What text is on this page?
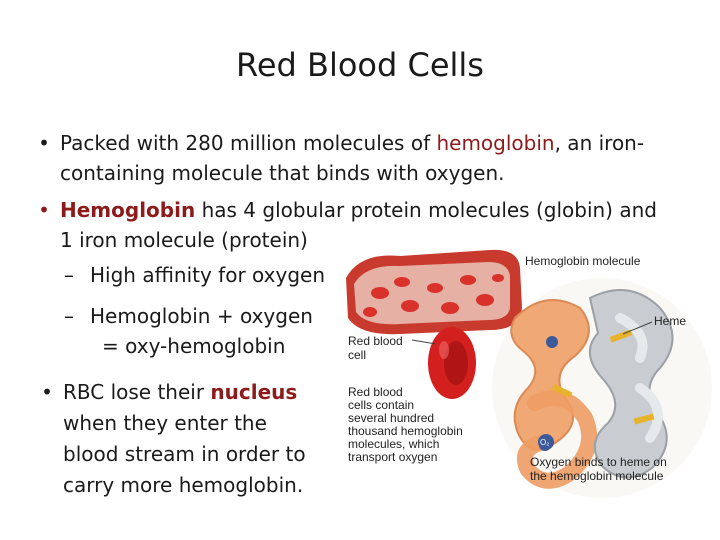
Red Blood Cells
• Packed with 280 million molecules of hemoglobin, an iron-
containing molecule that binds with oxygen.
• Hemoglobin has 4 globular protein molecules (globin) and
1 iron molecule (protein)
– High affinity for oxygen
– Hemoglobin + oxygen
= oxy-hemoglobin
• RBC lose their nucleus
when they enter the
blood stream in order to
carry more hemoglobin.
Hemoglobin molecule
Heme
Red blood
cell
Red blood
cells contain
several hundred
thousand hemoglobin
molecules, which
transport oxygen
O₂
Oxygen binds to heme on
the hemoglobin molecule
